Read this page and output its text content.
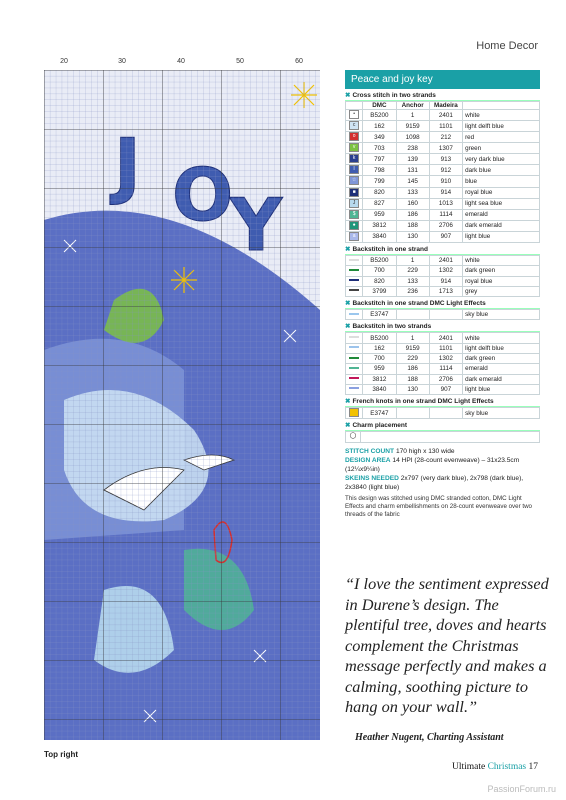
Home Decor
20	30	40	50	60
Top right
Peace and joy key
✖ Cross stitch in two strands
	DMC	Anchor	Madeira	
•	B5200	1	2401	white
c	162	9159	1101	light delft blue
o	349	1098	212	red
v	703	238	1307	green
k	797	139	913	very dark blue
l	798	131	912	dark blue
☆	799	145	910	blue
■	820	133	914	royal blue
J	827	160	1013	light sea blue
$	959	186	1114	emerald
●	3812	188	2706	dark emerald
a	3840	130	907	light blue
✖ Backstitch in one strand
	B5200	1	2401	white
	700	229	1302	dark green
	820	133	914	royal blue
	3799	236	1713	grey
✖ Backstitch in one strand DMC Light Effects
	E3747			sky blue
✖ Backstitch in two strands
	B5200	1	2401	white
	162	9159	1101	light delft blue
	700	229	1302	dark green
	959	186	1114	emerald
	3812	188	2706	dark emerald
	3840	130	907	light blue
✖ French knots in one strand DMC Light Effects
	E3747			sky blue
✖ Charm placement
◯	
STITCH COUNT 170 high x 130 wide
DESIGN AREA 14 HPI (28-count evenweave) – 31x23.5cm (12¼x9¼in)
SKEINS NEEDED 2x797 (very dark blue), 2x798 (dark blue), 2x3840 (light blue)
This design was stitched using DMC stranded cotton, DMC Light Effects and charm embellishments on 28-count evenweave over two threads of the fabric
“I love the sentiment expressed in Durene’s design. The plentiful tree, doves and hearts complement the Christmas message perfectly and makes a calming, soothing picture to hang on your wall.”
Heather Nugent, Charting Assistant
Ultimate Christmas 17
PassionForum.ru
